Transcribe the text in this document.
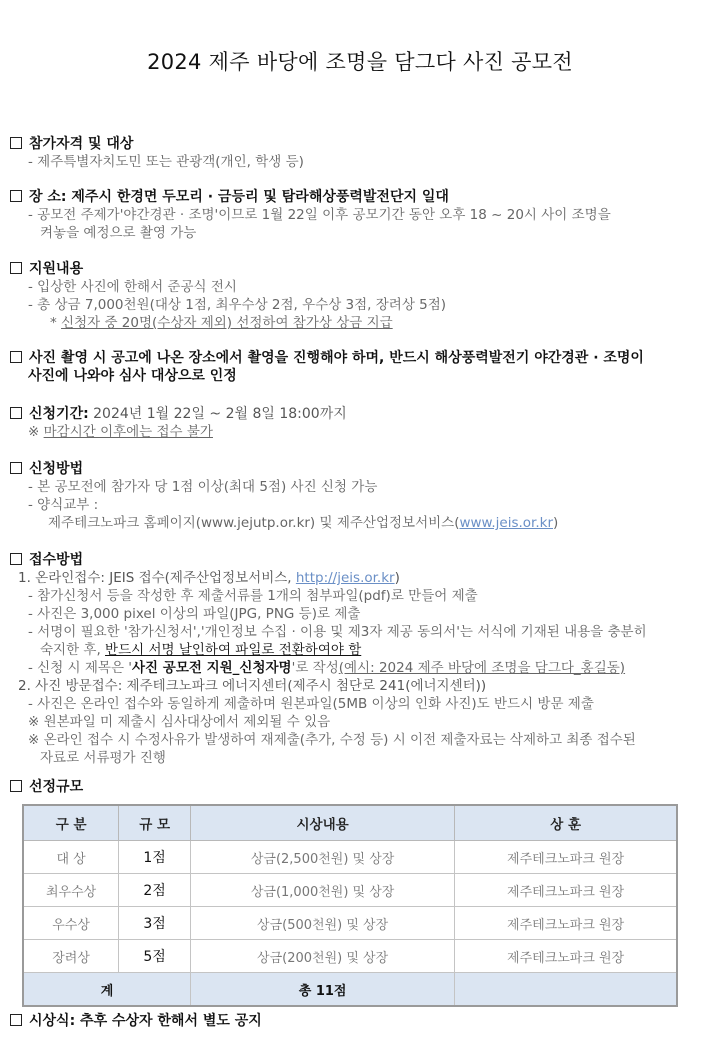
2024 제주 바당에 조명을 담그다 사진 공모전
참가자격 및 대상
- 제주특별자치도민 또는 관광객(개인, 학생 등)
장 소: 제주시 한경면 두모리 · 금등리 및 탐라해상풍력발전단지 일대
- 공모전 주제가'야간경관 · 조명'이므로 1월 22일 이후 공모기간 동안 오후 18 ~ 20시 사이 조명을
켜놓을 예정으로 촬영 가능
지원내용
- 입상한 사진에 한해서 준공식 전시
- 총 상금 7,000천원(대상 1점, 최우수상 2점, 우수상 3점, 장려상 5점)
* 신청자 중 20명(수상자 제외) 선정하여 참가상 상금 지급
사진 촬영 시 공고에 나온 장소에서 촬영을 진행해야 하며, 반드시 해상풍력발전기 야간경관 · 조명이
사진에 나와야 심사 대상으로 인정
신청기간: 2024년 1월 22일 ~ 2월 8일 18:00까지
※ 마감시간 이후에는 접수 불가
신청방법
- 본 공모전에 참가자 당 1점 이상(최대 5점) 사진 신청 가능
- 양식교부 :
제주테크노파크 홈페이지(www.jejutp.or.kr) 및 제주산업정보서비스(www.jeis.or.kr)
접수방법
1. 온라인접수: JEIS 접수(제주산업정보서비스, http://jeis.or.kr)
- 참가신청서 등을 작성한 후 제출서류를 1개의 첨부파일(pdf)로 만들어 제출
- 사진은 3,000 pixel 이상의 파일(JPG, PNG 등)로 제출
- 서명이 필요한 '참가신청서','개인정보 수집 · 이용 및 제3자 제공 동의서'는 서식에 기재된 내용을 충분히
숙지한 후, 반드시 서명 날인하여 파일로 전환하여야 함
- 신청 시 제목은 '사진 공모전 지원_신청자명'로 작성(예시: 2024 제주 바당에 조명을 담그다_홍길동)
2. 사진 방문접수: 제주테크노파크 에너지센터(제주시 첨단로 241(에너지센터))
- 사진은 온라인 접수와 동일하게 제출하며 원본파일(5MB 이상의 인화 사진)도 반드시 방문 제출
※ 원본파일 미 제출시 심사대상에서 제외될 수 있음
※ 온라인 접수 시 수정사유가 발생하여 재제출(추가, 수정 등) 시 이전 제출자료는 삭제하고 최종 접수된
자료로 서류평가 진행
선정규모
구 분	규 모	시상내용	상 훈
대 상	1점	상금(2,500천원) 및 상장	제주테크노파크 원장
최우수상	2점	상금(1,000천원) 및 상장	제주테크노파크 원장
우수상	3점	상금(500천원) 및 상장	제주테크노파크 원장
장려상	5점	상금(200천원) 및 상장	제주테크노파크 원장
계		총 11점	
시상식: 추후 수상자 한해서 별도 공지
